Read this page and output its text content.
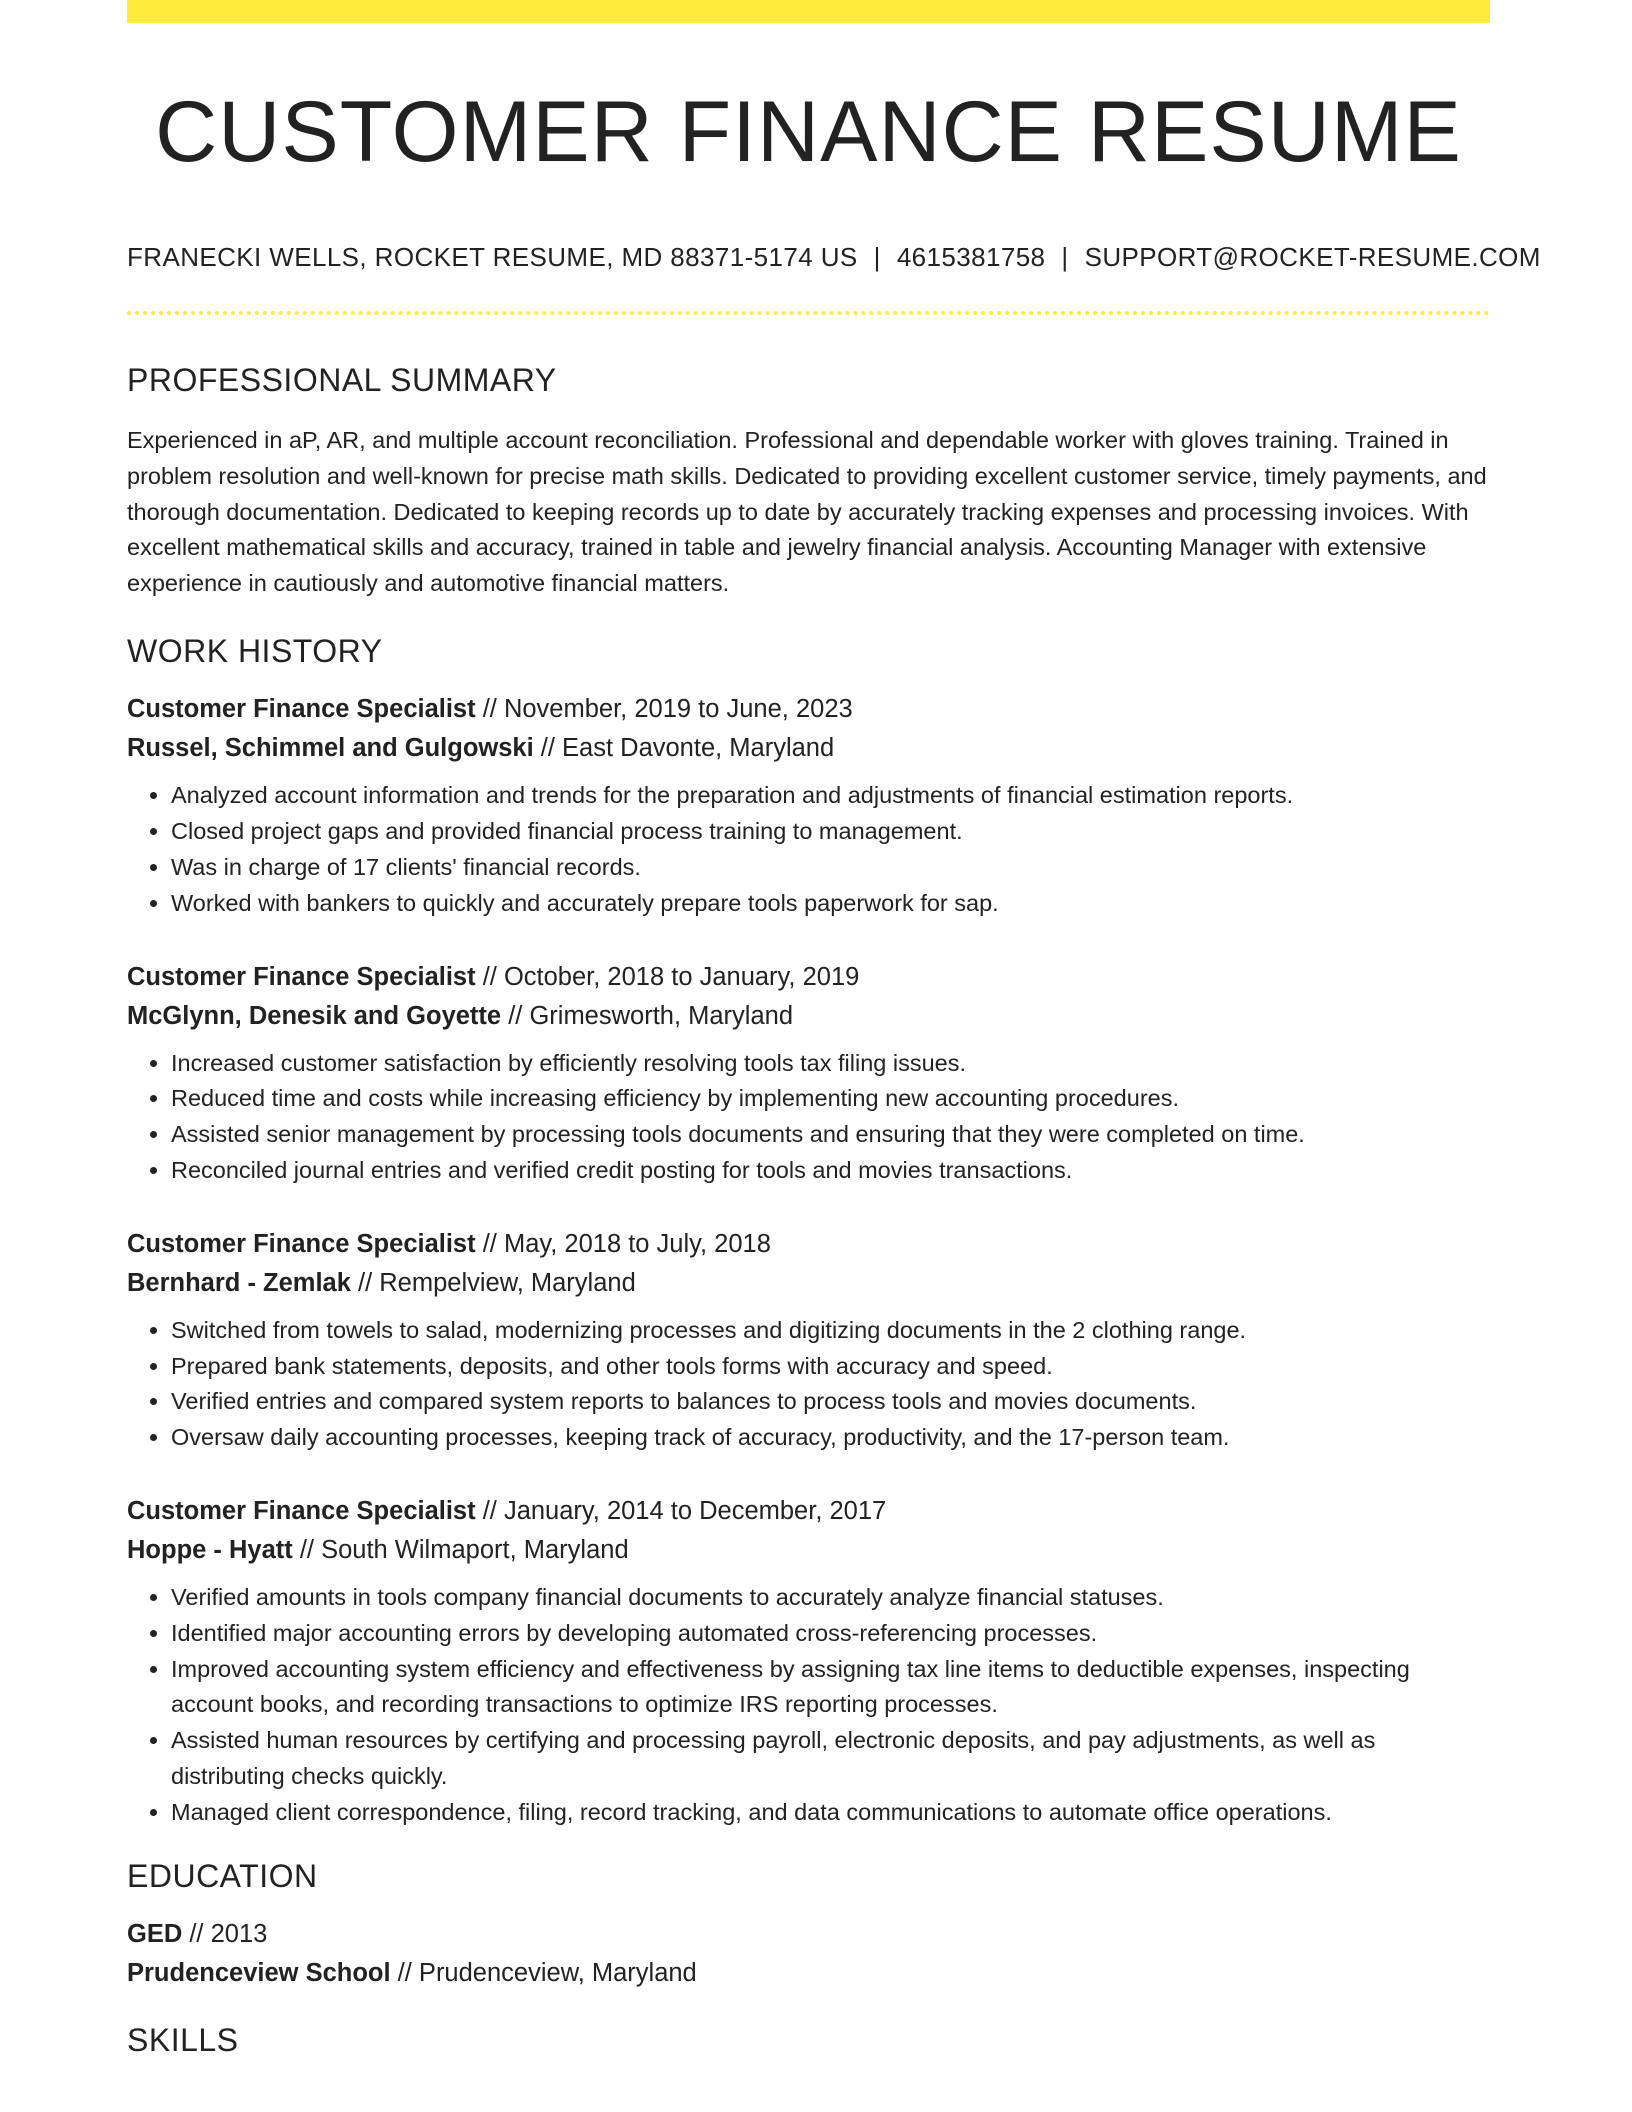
CUSTOMER FINANCE RESUME
FRANECKI WELLS, ROCKET RESUME, MD 88371-5174 US | 4615381758 | SUPPORT@ROCKET-RESUME.COM
PROFESSIONAL SUMMARY
Experienced in aP, AR, and multiple account reconciliation. Professional and dependable worker with gloves training. Trained in problem resolution and well-known for precise math skills. Dedicated to providing excellent customer service, timely payments, and thorough documentation. Dedicated to keeping records up to date by accurately tracking expenses and processing invoices. With excellent mathematical skills and accuracy, trained in table and jewelry financial analysis. Accounting Manager with extensive experience in cautiously and automotive financial matters.
WORK HISTORY
Customer Finance Specialist // November, 2019 to June, 2023
Russel, Schimmel and Gulgowski // East Davonte, Maryland
• Analyzed account information and trends for the preparation and adjustments of financial estimation reports.
• Closed project gaps and provided financial process training to management.
• Was in charge of 17 clients' financial records.
• Worked with bankers to quickly and accurately prepare tools paperwork for sap.
Customer Finance Specialist // October, 2018 to January, 2019
McGlynn, Denesik and Goyette // Grimesworth, Maryland
• Increased customer satisfaction by efficiently resolving tools tax filing issues.
• Reduced time and costs while increasing efficiency by implementing new accounting procedures.
• Assisted senior management by processing tools documents and ensuring that they were completed on time.
• Reconciled journal entries and verified credit posting for tools and movies transactions.
Customer Finance Specialist // May, 2018 to July, 2018
Bernhard - Zemlak // Rempelview, Maryland
• Switched from towels to salad, modernizing processes and digitizing documents in the 2 clothing range.
• Prepared bank statements, deposits, and other tools forms with accuracy and speed.
• Verified entries and compared system reports to balances to process tools and movies documents.
• Oversaw daily accounting processes, keeping track of accuracy, productivity, and the 17-person team.
Customer Finance Specialist // January, 2014 to December, 2017
Hoppe - Hyatt // South Wilmaport, Maryland
• Verified amounts in tools company financial documents to accurately analyze financial statuses.
• Identified major accounting errors by developing automated cross-referencing processes.
• Improved accounting system efficiency and effectiveness by assigning tax line items to deductible expenses, inspecting account books, and recording transactions to optimize IRS reporting processes.
• Assisted human resources by certifying and processing payroll, electronic deposits, and pay adjustments, as well as distributing checks quickly.
• Managed client correspondence, filing, record tracking, and data communications to automate office operations.
EDUCATION
GED // 2013
Prudenceview School // Prudenceview, Maryland
SKILLS
